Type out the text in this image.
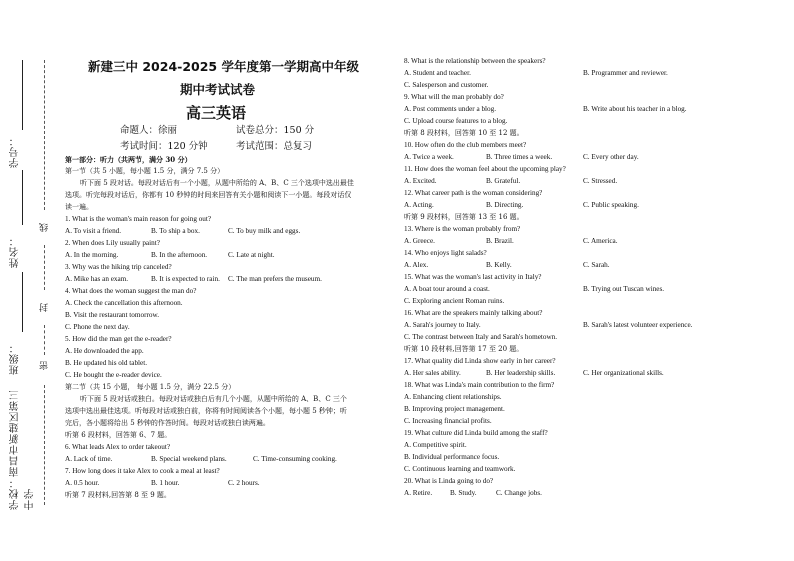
学校：南昌市新建区第三中学
班级：
姓名：
学号：
线
封
密
新建三中 2024-2025 学年度第一学期高中年级
期中考试试卷
高三英语
命题人：徐丽	试卷总分：150 分
考试时间：120 分钟	考试范围：总复习
第一部分：听力（共两节，满分 30 分）
第一节（共 5 小题，每小题 1.5 分，满分 7.5 分）
听下面 5 段对话。每段对话后有一个小题，从题中所给的 A、B、C 三个选项中选出最佳
选项。听完每段对话后，你都有 10 秒钟的时间来回答有关小题和阅读下一小题。每段对话仅
读一遍。
1. What is the woman's main reason for going out?
A. To visit a friend.	B. To ship a box.	C. To buy milk and eggs.
2. When does Lily usually paint?
A. In the morning.	B. In the afternoon.	C. Late at night.
3. Why was the hiking trip canceled?
A. Mike has an exam.	B. It is expected to rain. C. The man prefers the museum.
4. What does the woman suggest the man do?
A. Check the cancellation this afternoon.
B. Visit the restaurant tomorrow.
C. Phone the next day.
5. How did the man get the e-reader?
A. He downloaded the app.
B. He updated his old tablet.
C. He bought the e-reader device.
第二节（共 15 小题， 每小题 1.5 分，满分 22.5 分）
听下面 5 段对话或独白。每段对话或独白后有几个小题，从题中所给的 A、B、C 三个
选项中选出最佳选项。听每段对话或独白前，你将有时间阅读各个小题，每小题 5 秒钟；听
完后，各小题将给出 5 秒钟的作答时间。每段对话或独白读两遍。
听第 6 段材料，回答第 6、7 题。
6. What leads Alex to order takeout?
A. Lack of time.	B. Special weekend plans.	C. Time-consuming cooking.
7. How long does it take Alex to cook a meal at least?
A. 0.5 hour.	B. 1 hour.	C. 2 hours.
听第 7 段材料,回答第 8 至 9 题。
8. What is the relationship between the speakers?
A. Student and teacher.	B. Programmer and reviewer.
C. Salesperson and customer.
9. What will the man probably do?
A. Post comments under a blog.	B. Write about his teacher in a blog.
C. Upload course features to a blog.
听第 8 段材料，回答第 10 至 12 题。
10. How often do the club members meet?
A. Twice a week.	B. Three times a week.	C. Every other day.
11. How does the woman feel about the upcoming play?
A. Excited.	B. Grateful.	C. Stressed.
12. What career path is the woman considering?
A. Acting.	B. Directing.	C. Public speaking.
听第 9 段材料，回答第 13 至 16 题。
13. Where is the woman probably from?
A. Greece.	B. Brazil.	C. America.
14. Who enjoys light salads?
A. Alex.	B. Kelly.	C. Sarah.
15. What was the woman's last activity in Italy?
A. A boat tour around a coast.	B. Trying out Tuscan wines.
C. Exploring ancient Roman ruins.
16. What are the speakers mainly talking about?
A. Sarah's journey to Italy.	B. Sarah's latest volunteer experience.
C. The contrast between Italy and Sarah's hometown.
听第 10 段材料,回答第 17 至 20 题。
17. What quality did Linda show early in her career?
A. Her sales ability.	B. Her leadership skills.	C. Her organizational skills.
18. What was Linda's main contribution to the firm?
A. Enhancing client relationships.
B. Improving project management.
C. Increasing financial profits.
19. What culture did Linda build among the staff?
A. Competitive spirit.
B. Individual performance focus.
C. Continuous learning and teamwork.
20. What is Linda going to do?
A. Retire. B. Study.	C. Change jobs.
